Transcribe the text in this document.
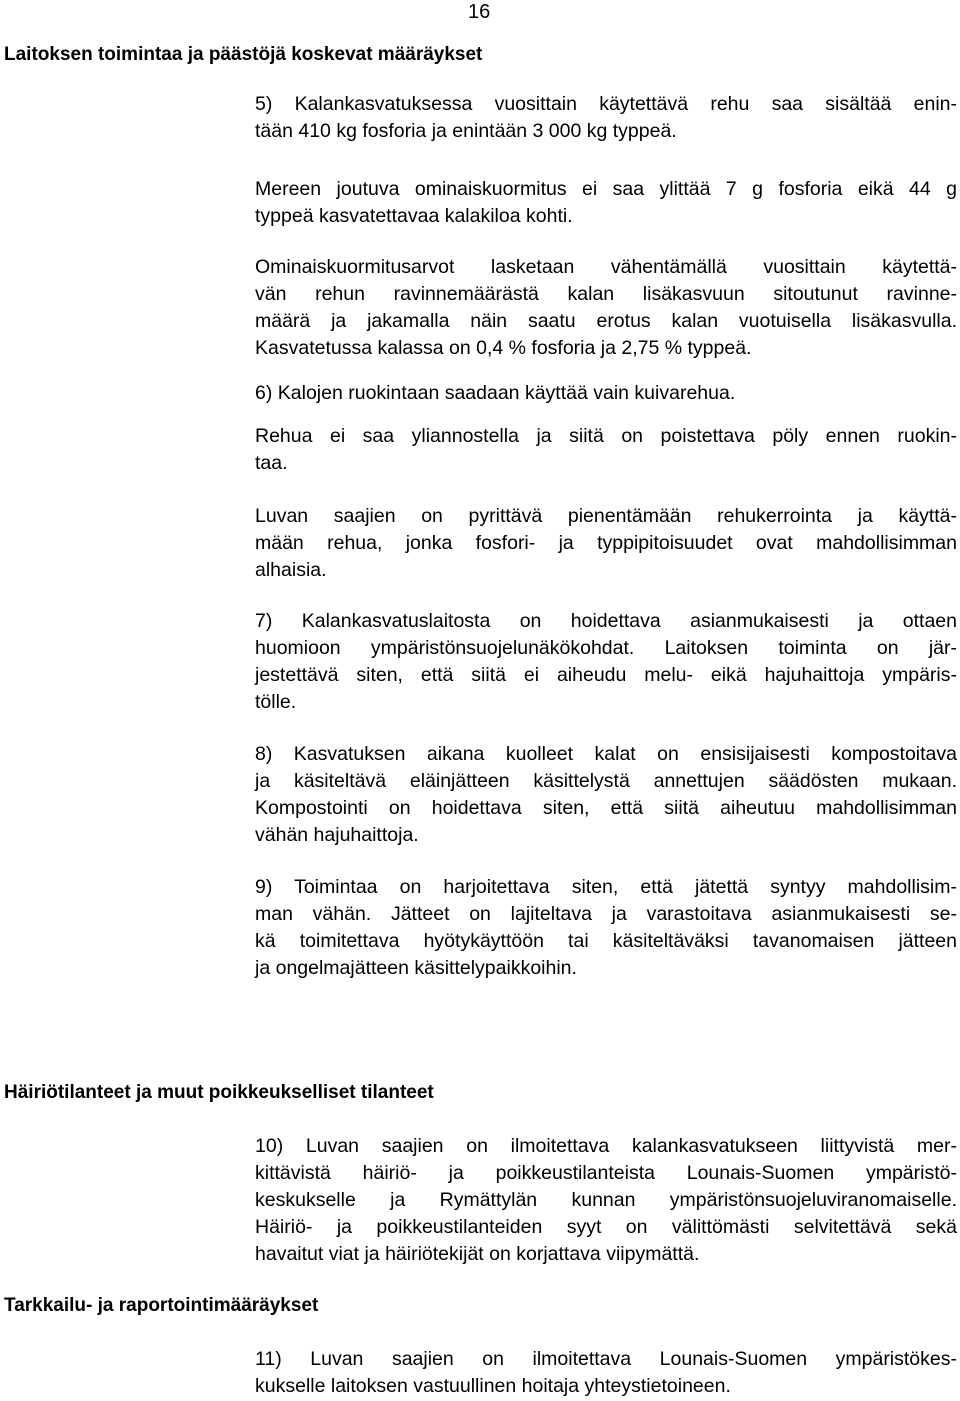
16
Laitoksen toimintaa ja päästöjä koskevat määräykset

5) Kalankasvatuksessa vuosittain käytettävä rehu saa sisältää enin-
tään 410 kg fosforia ja enintään 3 000 kg typpeä.

Mereen joutuva ominaiskuormitus ei saa ylittää 7 g fosforia eikä 44 g
typpeä kasvatettavaa kalakiloa kohti.

Ominaiskuormitusarvot lasketaan vähentämällä vuosittain käytettä-
vän rehun ravinnemäärästä kalan lisäkasvuun sitoutunut ravinne-
määrä ja jakamalla näin saatu erotus kalan vuotuisella lisäkasvulla.
Kasvatetussa kalassa on 0,4 % fosforia ja 2,75 % typpeä.

6) Kalojen ruokintaan saadaan käyttää vain kuivarehua.

Rehua ei saa yliannostella ja siitä on poistettava pöly ennen ruokin-
taa.

Luvan saajien on pyrittävä pienentämään rehukerrointa ja käyttä-
mään rehua, jonka fosfori- ja typpipitoisuudet ovat mahdollisimman
alhaisia.

7) Kalankasvatuslaitosta on hoidettava asianmukaisesti ja ottaen
huomioon ympäristönsuojelunäkökohdat. Laitoksen toiminta on jär-
jestettävä siten, että siitä ei aiheudu melu- eikä hajuhaittoja ympäris-
tölle.

8) Kasvatuksen aikana kuolleet kalat on ensisijaisesti kompostoitava
ja käsiteltävä eläinjätteen käsittelystä annettujen säädösten mukaan.
Kompostointi on hoidettava siten, että siitä aiheutuu mahdollisimman
vähän hajuhaittoja.

9) Toimintaa on harjoitettava siten, että jätettä syntyy mahdollisim-
man vähän. Jätteet on lajiteltava ja varastoitava asianmukaisesti se-
kä toimitettava hyötykäyttöön tai käsiteltäväksi tavanomaisen jätteen
ja ongelmajätteen käsittelypaikkoihin.

Häiriötilanteet ja muut poikkeukselliset tilanteet

10) Luvan saajien on ilmoitettava kalankasvatukseen liittyvistä mer-
kittävistä häiriö- ja poikkeustilanteista Lounais-Suomen ympäristö-
keskukselle ja Rymättylän kunnan ympäristönsuojeluviranomaiselle.
Häiriö- ja poikkeustilanteiden syyt on välittömästi selvitettävä sekä
havaitut viat ja häiriötekijät on korjattava viipymättä.

Tarkkailu- ja raportointimääräykset

11) Luvan saajien on ilmoitettava Lounais-Suomen ympäristökes-
kukselle laitoksen vastuullinen hoitaja yhteystietoineen.
